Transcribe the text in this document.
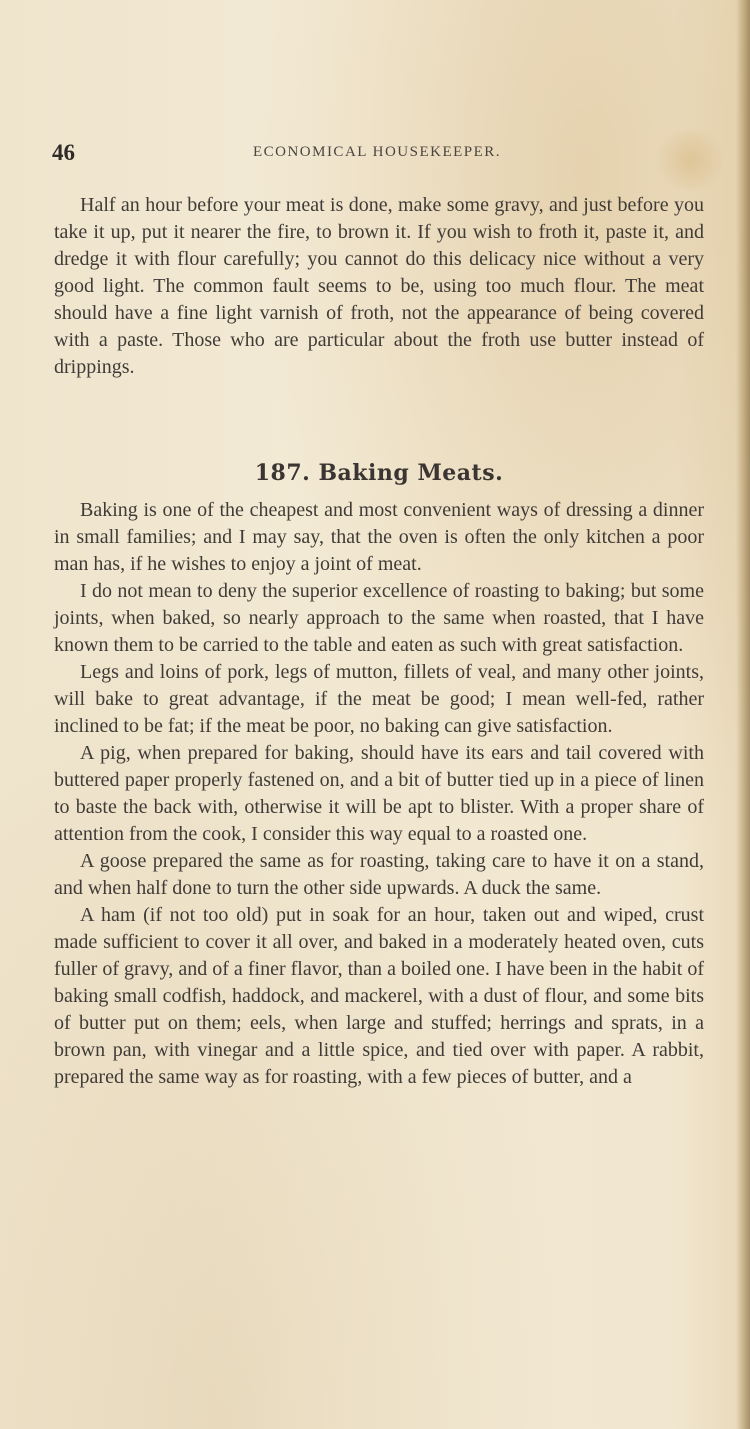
46	ECONOMICAL HOUSEKEEPER.

Half an hour before your meat is done, make some gravy, and just before you take it up, put it nearer the fire, to brown it. If you wish to froth it, paste it, and dredge it with flour carefully; you cannot do this delicacy nice without a very good light. The common fault seems to be, using too much flour. The meat should have a fine light varnish of froth, not the appearance of being covered with a paste. Those who are particular about the froth use butter instead of drippings.

187. Baking Meats.

Baking is one of the cheapest and most convenient ways of dressing a dinner in small families; and I may say, that the oven is often the only kitchen a poor man has, if he wishes to enjoy a joint of meat.

I do not mean to deny the superior excellence of roasting to baking; but some joints, when baked, so nearly approach to the same when roasted, that I have known them to be carried to the table and eaten as such with great satisfaction.

Legs and loins of pork, legs of mutton, fillets of veal, and many other joints, will bake to great advantage, if the meat be good; I mean well-fed, rather inclined to be fat; if the meat be poor, no baking can give satisfaction.

A pig, when prepared for baking, should have its ears and tail covered with buttered paper properly fastened on, and a bit of butter tied up in a piece of linen to baste the back with, otherwise it will be apt to blister. With a proper share of attention from the cook, I consider this way equal to a roasted one.

A goose prepared the same as for roasting, taking care to have it on a stand, and when half done to turn the other side upwards. A duck the same.

A ham (if not too old) put in soak for an hour, taken out and wiped, crust made sufficient to cover it all over, and baked in a moderately heated oven, cuts fuller of gravy, and of a finer flavor, than a boiled one. I have been in the habit of baking small codfish, haddock, and mackerel, with a dust of flour, and some bits of butter put on them; eels, when large and stuffed; herrings and sprats, in a brown pan, with vinegar and a little spice, and tied over with paper. A rabbit, prepared the same way as for roasting, with a few pieces of butter, and a
